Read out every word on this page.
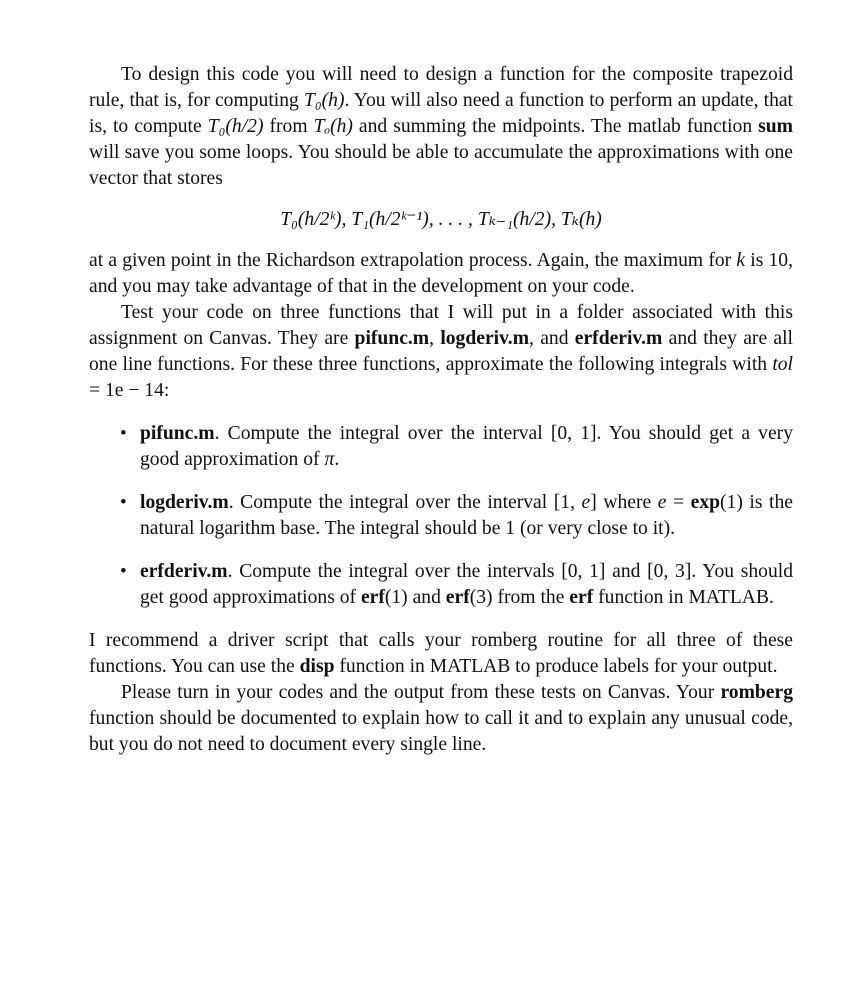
To design this code you will need to design a function for the composite trapezoid rule, that is, for computing T₀(h). You will also need a function to perform an update, that is, to compute T₀(h/2) from Tₒ(h) and summing the midpoints. The matlab function sum will save you some loops. You should be able to accumulate the approximations with one vector that stores

T₀(h/2ᵏ), T₁(h/2ᵏ⁻¹), . . . , Tₖ₋₁(h/2), Tₖ(h)

at a given point in the Richardson extrapolation process. Again, the maximum for k is 10, and you may take advantage of that in the development on your code.

Test your code on three functions that I will put in a folder associated with this assignment on Canvas. They are pifunc.m, logderiv.m, and erfderiv.m and they are all one line functions. For these three functions, approximate the following integrals with tol = 1e − 14:

• pifunc.m. Compute the integral over the interval [0, 1]. You should get a very good approximation of π.
• logderiv.m. Compute the integral over the interval [1, e] where e = exp(1) is the natural logarithm base. The integral should be 1 (or very close to it).
• erfderiv.m. Compute the integral over the intervals [0, 1] and [0, 3]. You should get good approximations of erf(1) and erf(3) from the erf function in MATLAB.

I recommend a driver script that calls your romberg routine for all three of these functions. You can use the disp function in MATLAB to produce labels for your output.

Please turn in your codes and the output from these tests on Canvas. Your romberg function should be documented to explain how to call it and to explain any unusual code, but you do not need to document every single line.
